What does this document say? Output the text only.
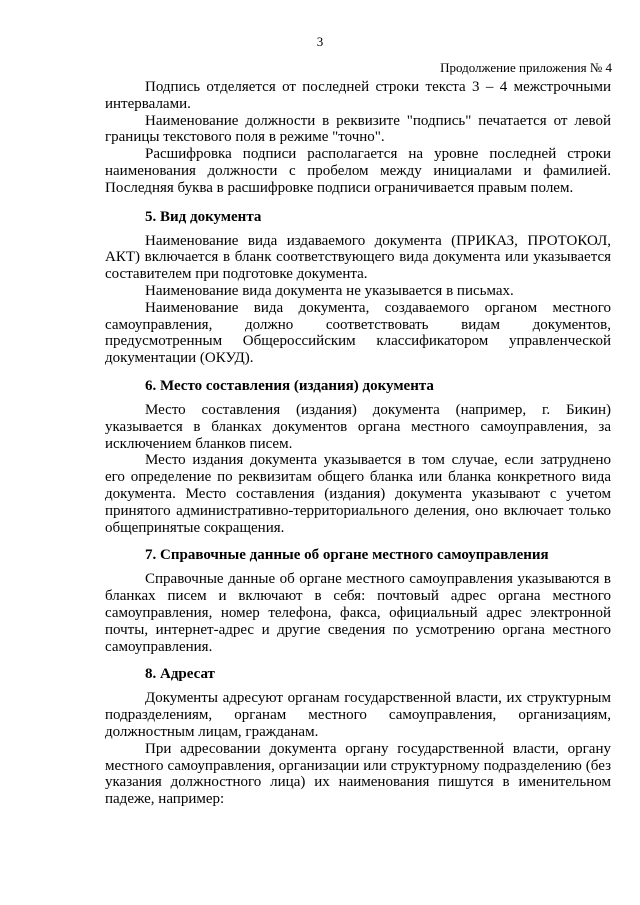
3
Продолжение приложения № 4

Подпись отделяется от последней строки текста 3 – 4 межстрочными интервалами.

Наименование должности в реквизите "подпись" печатается от левой границы текстового поля в режиме "точно".

Расшифровка подписи располагается на уровне последней строки наименования должности с пробелом между инициалами и фамилией. Последняя буква в расшифровке подписи ограничивается правым полем.

5. Вид документа

Наименование вида издаваемого документа (ПРИКАЗ, ПРОТОКОЛ, АКТ) включается в бланк соответствующего вида документа или указывается составителем при подготовке документа.

Наименование вида документа не указывается в письмах.

Наименование вида документа, создаваемого органом местного самоуправления, должно соответствовать видам документов, предусмотренным Общероссийским классификатором управленческой документации (ОКУД).

6. Место составления (издания) документа

Место составления (издания) документа (например, г. Бикин) указывается в бланках документов органа местного самоуправления, за исключением бланков писем.

Место издания документа указывается в том случае, если затруднено его определение по реквизитам общего бланка или бланка конкретного вида документа. Место составления (издания) документа указывают с учетом принятого административно-территориального деления, оно включает только общепринятые сокращения.

7. Справочные данные об органе местного самоуправления

Справочные данные об органе местного самоуправления указываются в бланках писем и включают в себя: почтовый адрес органа местного самоуправления, номер телефона, факса, официальный адрес электронной почты, интернет-адрес и другие сведения по усмотрению органа местного самоуправления.

8. Адресат

Документы адресуют органам государственной власти, их структурным подразделениям, органам местного самоуправления, организациям, должностным лицам, гражданам.

При адресовании документа органу государственной власти, органу местного самоуправления, организации или структурному подразделению (без указания должностного лица) их наименования пишутся в именительном падеже, например:
